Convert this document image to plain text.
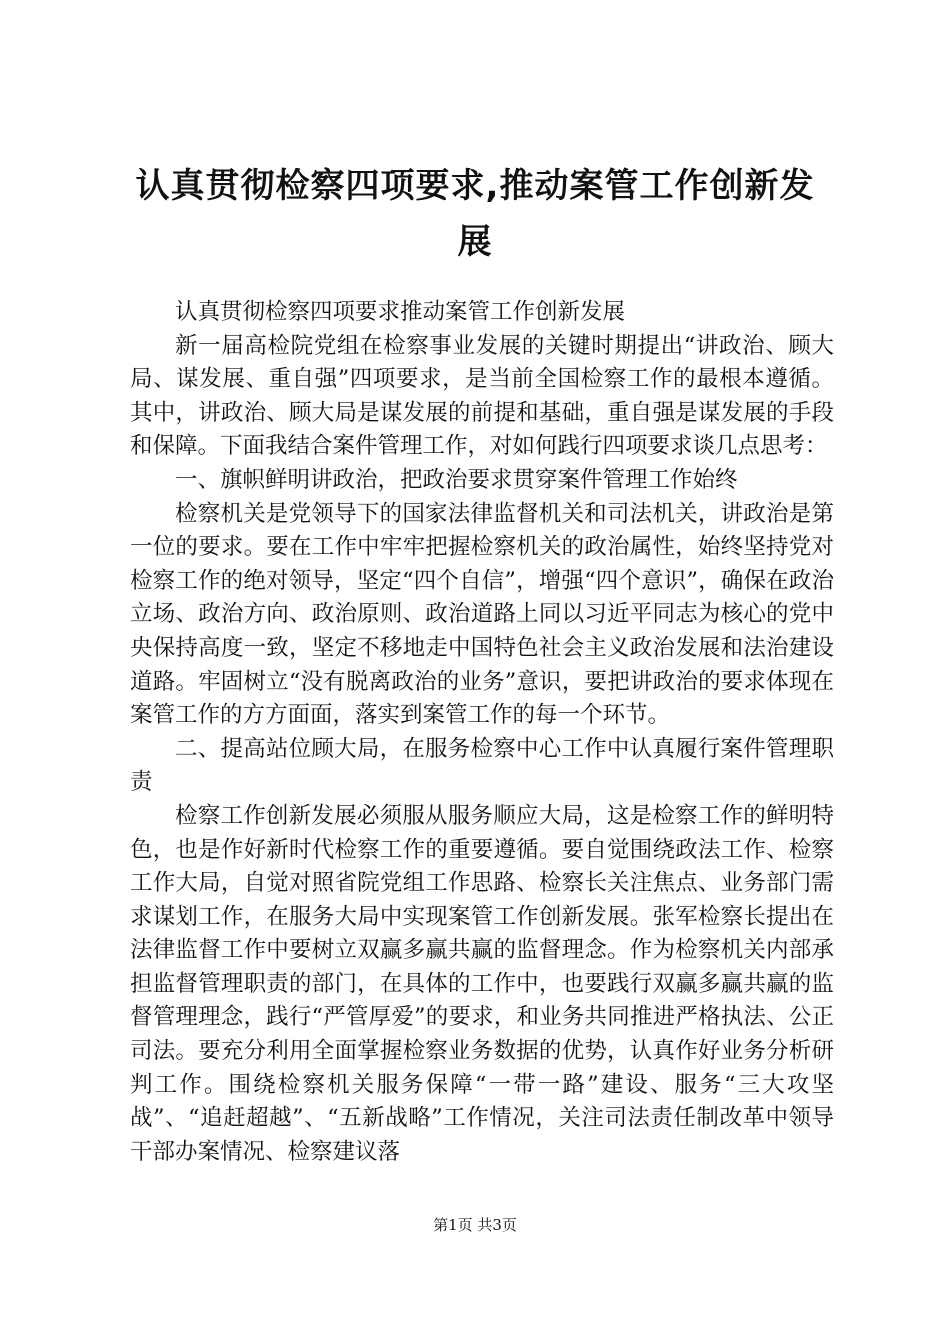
认真贯彻检察四项要求,推动案管工作创新发展

认真贯彻检察四项要求推动案管工作创新发展

新一届高检院党组在检察事业发展的关键时期提出“讲政治、顾大局、谋发展、重自强”四项要求，是当前全国检察工作的最根本遵循。其中，讲政治、顾大局是谋发展的前提和基础，重自强是谋发展的手段和保障。下面我结合案件管理工作，对如何践行四项要求谈几点思考：

一、旗帜鲜明讲政治，把政治要求贯穿案件管理工作始终

检察机关是党领导下的国家法律监督机关和司法机关，讲政治是第一位的要求。要在工作中牢牢把握检察机关的政治属性，始终坚持党对检察工作的绝对领导，坚定“四个自信”，增强“四个意识”，确保在政治立场、政治方向、政治原则、政治道路上同以习近平同志为核心的党中央保持高度一致，坚定不移地走中国特色社会主义政治发展和法治建设道路。牢固树立“没有脱离政治的业务”意识，要把讲政治的要求体现在案管工作的方方面面，落实到案管工作的每一个环节。

二、提高站位顾大局，在服务检察中心工作中认真履行案件管理职责

检察工作创新发展必须服从服务顺应大局，这是检察工作的鲜明特色，也是作好新时代检察工作的重要遵循。要自觉围绕政法工作、检察工作大局，自觉对照省院党组工作思路、检察长关注焦点、业务部门需求谋划工作，在服务大局中实现案管工作创新发展。张军检察长提出在法律监督工作中要树立双赢多赢共赢的监督理念。作为检察机关内部承担监督管理职责的部门，在具体的工作中，也要践行双赢多赢共赢的监督管理理念，践行“严管厚爱”的要求，和业务共同推进严格执法、公正司法。要充分利用全面掌握检察业务数据的优势，认真作好业务分析研判工作。围绕检察机关服务保障“一带一路”建设、服务“三大攻坚战”、“追赶超越”、“五新战略”工作情况，关注司法责任制改革中领导干部办案情况、检察建议落

第1页 共3页
